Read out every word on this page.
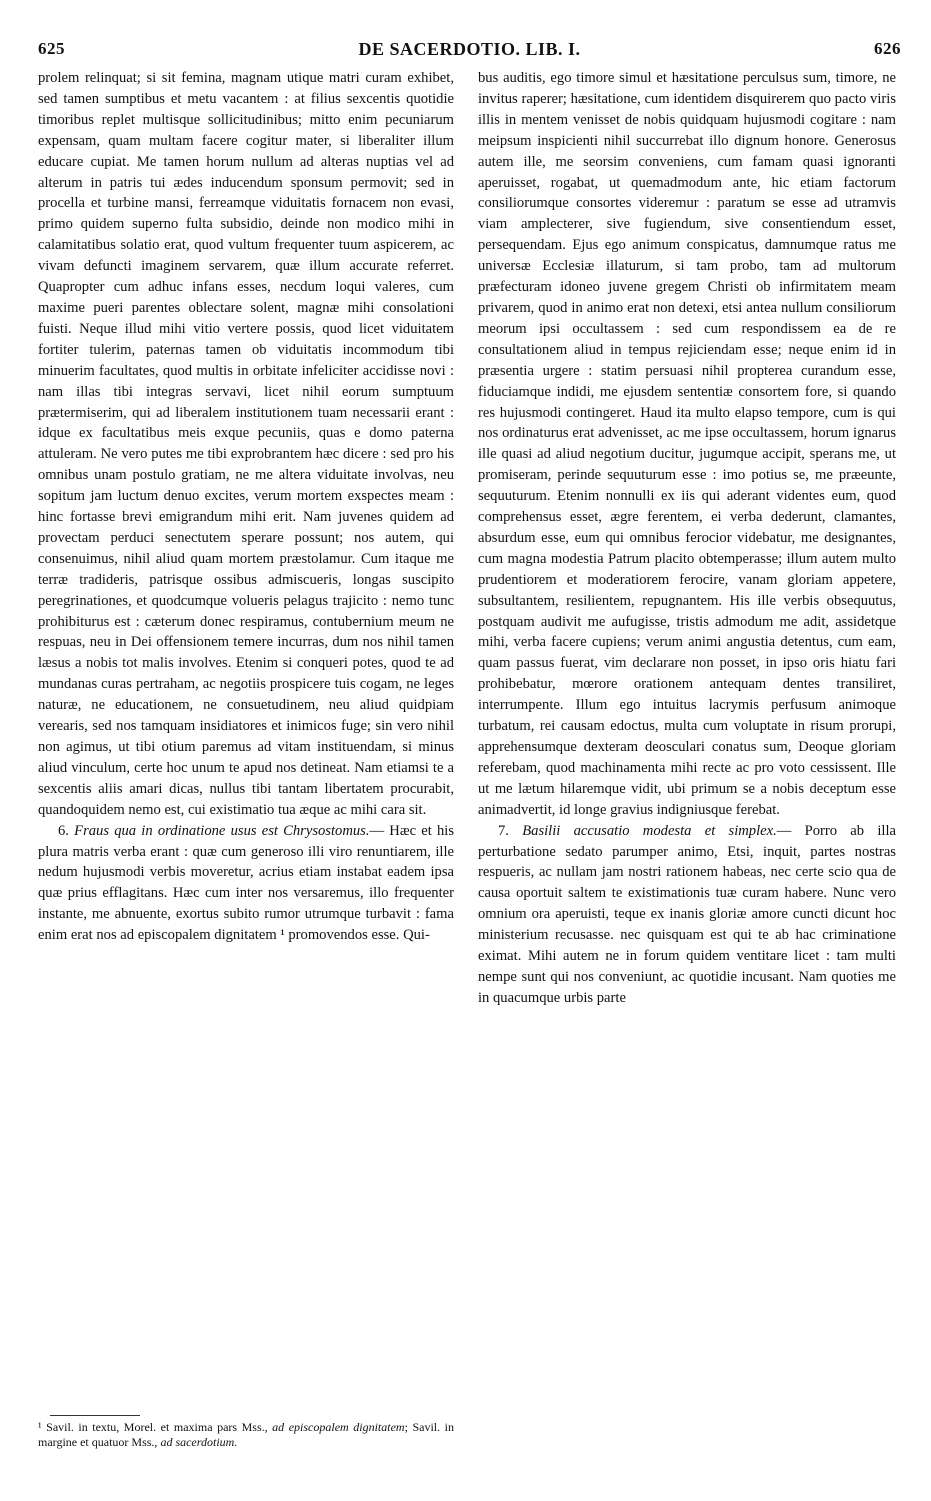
625	DE SACERDOTIO. LIB. I.	626

prolem relinquat; si sit femina, magnam utique matri curam exhibet, sed tamen sumptibus et metu vacantem : at filius sexcentis quotidie timoribus replet multisque sollicitudinibus; mitto enim pecuniarum expensam, quam multam facere cogitur mater, si liberaliter illum educare cupiat. Me tamen horum nullum ad alteras nuptias vel ad alterum in patris tui ædes inducendum sponsum permovit; sed in procella et turbine mansi, ferreamque viduitatis fornacem non evasi, primo quidem superno fulta subsidio, deinde non modico mihi in calamitatibus solatio erat, quod vultum frequenter tuum aspicerem, ac vivam defuncti imaginem servarem, quæ illum accurate referret. Quapropter cum adhuc infans esses, necdum loqui valeres, cum maxime pueri parentes oblectare solent, magnæ mihi consolationi fuisti. Neque illud mihi vitio vertere possis, quod licet viduitatem fortiter tulerim, paternas tamen ob viduitatis incommodum tibi minuerim facultates, quod multis in orbitate infeliciter accidisse novi : nam illas tibi integras servavi, licet nihil eorum sumptuum prætermiserim, qui ad liberalem institutionem tuam necessarii erant : idque ex facultatibus meis exque pecuniis, quas e domo paterna attuleram. Ne vero putes me tibi exprobrantem hæc dicere : sed pro his omnibus unam postulo gratiam, ne me altera viduitate involvas, neu sopitum jam luctum denuo excites, verum mortem exspectes meam : hinc fortasse brevi emigrandum mihi erit. Nam juvenes quidem ad provectam perduci senectutem sperare possunt; nos autem, qui consenuimus, nihil aliud quam mortem præstolamur. Cum itaque me terræ tradideris, patrisque ossibus admiscueris, longas suscipito peregrinationes, et quodcumque volueris pelagus trajicito : nemo tunc prohibiturus est : cæterum donec respiramus, contubernium meum ne respuas, neu in Dei offensionem temere incurras, dum nos nihil tamen læsus a nobis tot malis involves. Etenim si conqueri potes, quod te ad mundanas curas pertraham, ac negotiis prospicere tuis cogam, ne leges naturæ, ne educationem, ne consuetudinem, neu aliud quidpiam verearis, sed nos tamquam insidiatores et inimicos fuge; sin vero nihil non agimus, ut tibi otium paremus ad vitam instituendam, si minus aliud vinculum, certe hoc unum te apud nos detineat. Nam etiamsi te a sexcentis aliis amari dicas, nullus tibi tantam libertatem procurabit, quandoquidem nemo est, cui existimatio tua æque ac mihi cara sit.

6. Fraus qua in ordinatione usus est Chrysostomus.— Hæc et his plura matris verba erant : quæ cum generoso illi viro renuntiarem, ille nedum hujusmodi verbis moveretur, acrius etiam instabat eadem ipsa quæ prius efflagitans. Hæc cum inter nos versaremus, illo frequenter instante, me abnuente, exortus subito rumor utrumque turbavit : fama enim erat nos ad episcopalem dignitatem ¹ promovendos esse. Qui-

bus auditis, ego timore simul et hæsitatione perculsus sum, timore, ne invitus raperer; hæsitatione, cum identidem disquirerem quo pacto viris illis in mentem venisset de nobis quidquam hujusmodi cogitare : nam meipsum inspicienti nihil succurrebat illo dignum honore. Generosus autem ille, me seorsim conveniens, cum famam quasi ignoranti aperuisset, rogabat, ut quemadmodum ante, hic etiam factorum consiliorumque consortes videremur : paratum se esse ad utramvis viam amplecterer, sive fugiendum, sive consentiendum esset, persequendam. Ejus ego animum conspicatus, damnumque ratus me universæ Ecclesiæ illaturum, si tam probo, tam ad multorum præfecturam idoneo juvene gregem Christi ob infirmitatem meam privarem, quod in animo erat non detexi, etsi antea nullum consiliorum meorum ipsi occultassem : sed cum respondissem ea de re consultationem aliud in tempus rejiciendam esse; neque enim id in præsentia urgere : statim persuasi nihil propterea curandum esse, fiduciamque indidi, me ejusdem sententiæ consortem fore, si quando res hujusmodi contingeret. Haud ita multo elapso tempore, cum is qui nos ordinaturus erat advenisset, ac me ipse occultassem, horum ignarus ille quasi ad aliud negotium ducitur, jugumque accipit, sperans me, ut promiseram, perinde sequuturum esse : imo potius se, me præeunte, sequuturum. Etenim nonnulli ex iis qui aderant videntes eum, quod comprehensus esset, ægre ferentem, ei verba dederunt, clamantes, absurdum esse, eum qui omnibus ferocior videbatur, me designantes, cum magna modestia Patrum placito obtemperasse; illum autem multo prudentiorem et moderatiorem ferocire, vanam gloriam appetere, subsultantem, resilientem, repugnantem. His ille verbis obsequutus, postquam audivit me aufugisse, tristis admodum me adit, assidetque mihi, verba facere cupiens; verum animi angustia detentus, cum eam, quam passus fuerat, vim declarare non posset, in ipso oris hiatu fari prohibebatur, mœrore orationem antequam dentes transiliret, interrumpente. Illum ego intuitus lacrymis perfusum animoque turbatum, rei causam edoctus, multa cum voluptate in risum prorupi, apprehensumque dexteram deosculari conatus sum, Deoque gloriam referebam, quod machinamenta mihi recte ac pro voto cessissent. Ille ut me lætum hilaremque vidit, ubi primum se a nobis deceptum esse animadvertit, id longe gravius indigniusque ferebat.

7. Basilii accusatio modesta et simplex.— Porro ab illa perturbatione sedato parumper animo, Etsi, inquit, partes nostras respueris, ac nullam jam nostri rationem habeas, nec certe scio qua de causa oportuit saltem te existimationis tuæ curam habere. Nunc vero omnium ora aperuisti, teque ex inanis gloriæ amore cuncti dicunt hoc ministerium recusasse. nec quisquam est qui te ab hac criminatione eximat. Mihi autem ne in forum quidem ventitare licet : tam multi nempe sunt qui nos conveniunt, ac quotidie incusant. Nam quoties me in quacumque urbis parte

¹ Savil. in textu, Morel. et maxima pars Mss., ad episcopalem dignitatem; Savil. in margine et quatuor Mss., ad sacerdotium.
